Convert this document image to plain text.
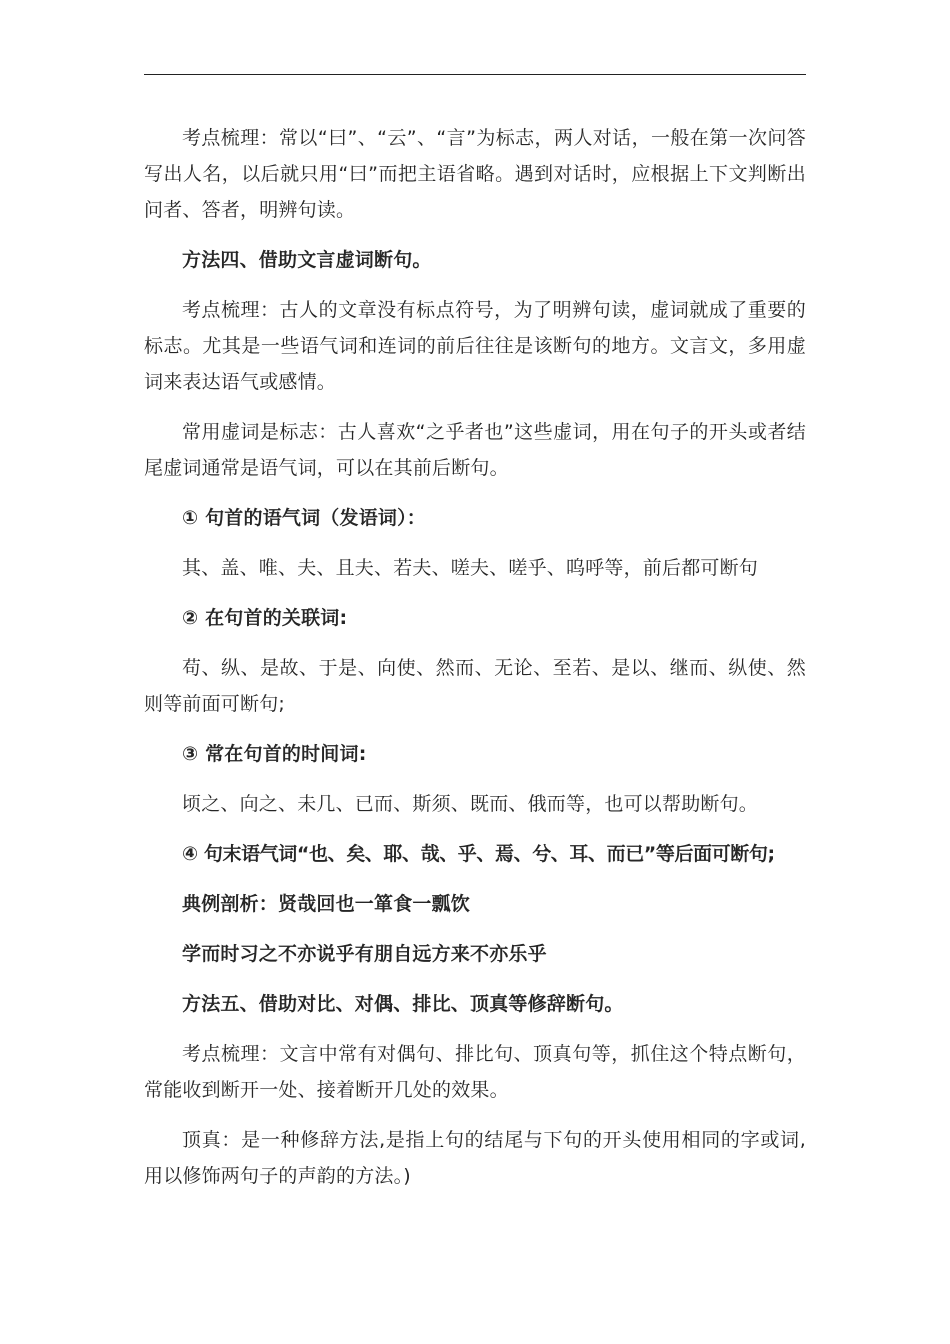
考点梳理：常以“曰”、“云”、“言”为标志，两人对话，一般在第一次问答写出人名，以后就只用“曰”而把主语省略。遇到对话时，应根据上下文判断出问者、答者，明辨句读。

方法四、借助文言虚词断句。

考点梳理：古人的文章没有标点符号，为了明辨句读，虚词就成了重要的标志。尤其是一些语气词和连词的前后往往是该断句的地方。文言文，多用虚词来表达语气或感情。

常用虚词是标志：古人喜欢“之乎者也”这些虚词，用在句子的开头或者结尾虚词通常是语气词，可以在其前后断句。

① 句首的语气词（发语词）：

其、盖、唯、夫、且夫、若夫、嗟夫、嗟乎、呜呼等，前后都可断句

② 在句首的关联词:

苟、纵、是故、于是、向使、然而、无论、至若、是以、继而、纵使、然则等前面可断句;

③ 常在句首的时间词:

顷之、向之、未几、已而、斯须、既而、俄而等，也可以帮助断句。

④ 句末语气词“也、矣、耶、哉、乎、焉、兮、耳、而已”等后面可断句;

典例剖析：贤哉回也一箪食一瓢饮

学而时习之不亦说乎有朋自远方来不亦乐乎

方法五、借助对比、对偶、排比、顶真等修辞断句。

考点梳理：文言中常有对偶句、排比句、顶真句等，抓住这个特点断句，常能收到断开一处、接着断开几处的效果。

顶真：是一种修辞方法,是指上句的结尾与下句的开头使用相同的字或词,用以修饰两句子的声韵的方法。)
